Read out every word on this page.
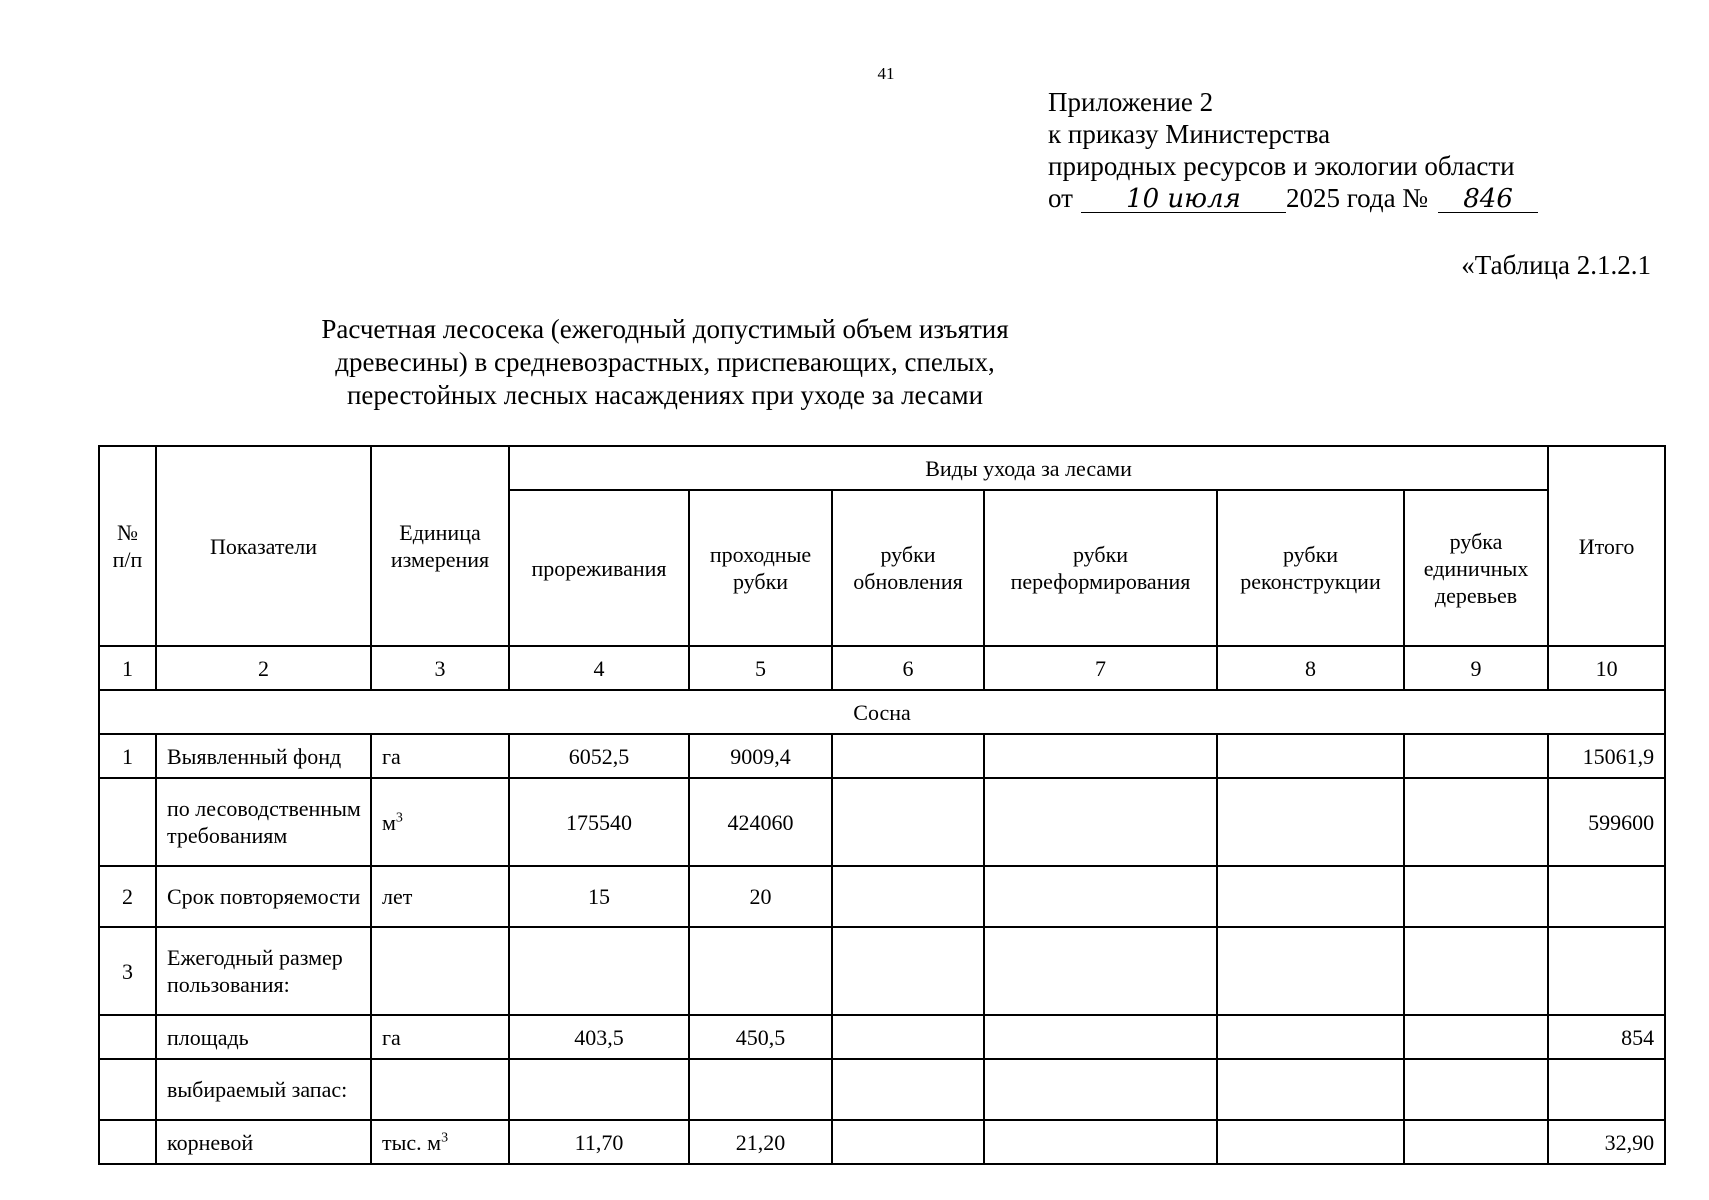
41
Приложение 2
к приказу Министерства
природных ресурсов и экологии области
от 10 июля 2025 года № 846
«Таблица 2.1.2.1
Расчетная лесосека (ежегодный допустимый объем изъятия
древесины) в средневозрастных, приспевающих, спелых,
перестойных лесных насаждениях при уходе за лесами
№ п/п	Показатели	Единица измерения	Виды ухода за лесами						Итого
			прореживания	проходные рубки	рубки обновления	рубки переформирования	рубки реконструкции	рубка единичных деревьев	
1	2	3	4	5	6	7	8	9	10
Сосна									
1	Выявленный фонд	га	6052,5	9009,4					15061,9
	по лесоводственным требованиям	$м^3$	175540	424060					599600
2	Срок повторяемости	лет	15	20					
3	Ежегодный размер пользования:								
	площадь	га	403,5	450,5					854
	выбираемый запас:								
	корневой	тыс. $м^3$	11,70	21,20					32,90
